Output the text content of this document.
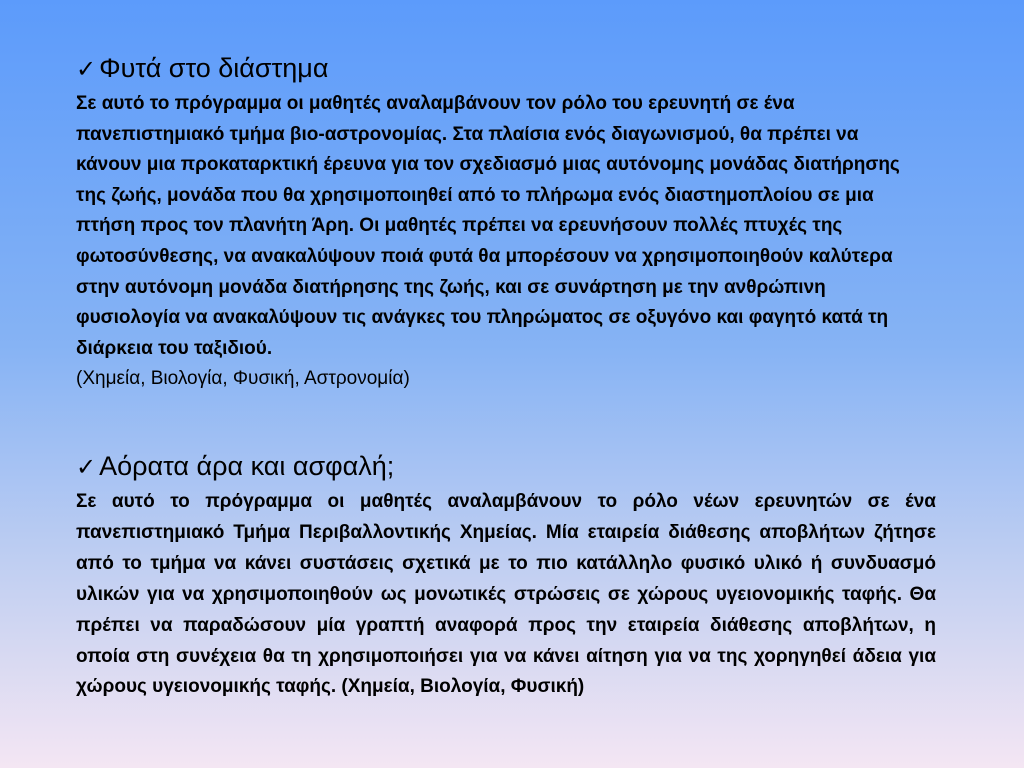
✓ Φυτά στο διάστημα

Σε αυτό το πρόγραμμα οι μαθητές αναλαμβάνουν τον ρόλο του ερευνητή σε ένα πανεπιστημιακό τμήμα βιο-αστρονομίας. Στα πλαίσια ενός διαγωνισμού, θα πρέπει να κάνουν μια προκαταρκτική έρευνα για τον σχεδιασμό μιας αυτόνομης μονάδας διατήρησης της ζωής, μονάδα που θα χρησιμοποιηθεί από το πλήρωμα ενός διαστημοπλοίου σε μια πτήση προς τον πλανήτη Άρη. Οι μαθητές πρέπει να ερευνήσουν πολλές πτυχές της φωτοσύνθεσης, να ανακαλύψουν ποιά φυτά θα μπορέσουν να χρησιμοποιηθούν καλύτερα στην αυτόνομη μονάδα διατήρησης της ζωής, και σε συνάρτηση με την ανθρώπινη φυσιολογία να ανακαλύψουν τις ανάγκες του πληρώματος σε οξυγόνο και φαγητό κατά τη διάρκεια του ταξιδιού.

(Χημεία, Βιολογία, Φυσική, Αστρονομία)

✓ Αόρατα άρα και ασφαλή;

Σε αυτό το πρόγραμμα οι μαθητές αναλαμβάνουν το ρόλο νέων ερευνητών σε ένα πανεπιστημιακό Τμήμα Περιβαλλοντικής Χημείας. Μία εταιρεία διάθεσης αποβλήτων ζήτησε από το τμήμα να κάνει συστάσεις σχετικά με το πιο κατάλληλο φυσικό υλικό ή συνδυασμό υλικών για να χρησιμοποιηθούν ως μονωτικές στρώσεις σε χώρους υγειονομικής ταφής. Θα πρέπει να παραδώσουν μία γραπτή αναφορά προς την εταιρεία διάθεσης αποβλήτων, η οποία στη συνέχεια θα τη χρησιμοποιήσει για να κάνει αίτηση για να της χορηγηθεί άδεια για χώρους υγειονομικής ταφής. (Χημεία, Βιολογία, Φυσική)
